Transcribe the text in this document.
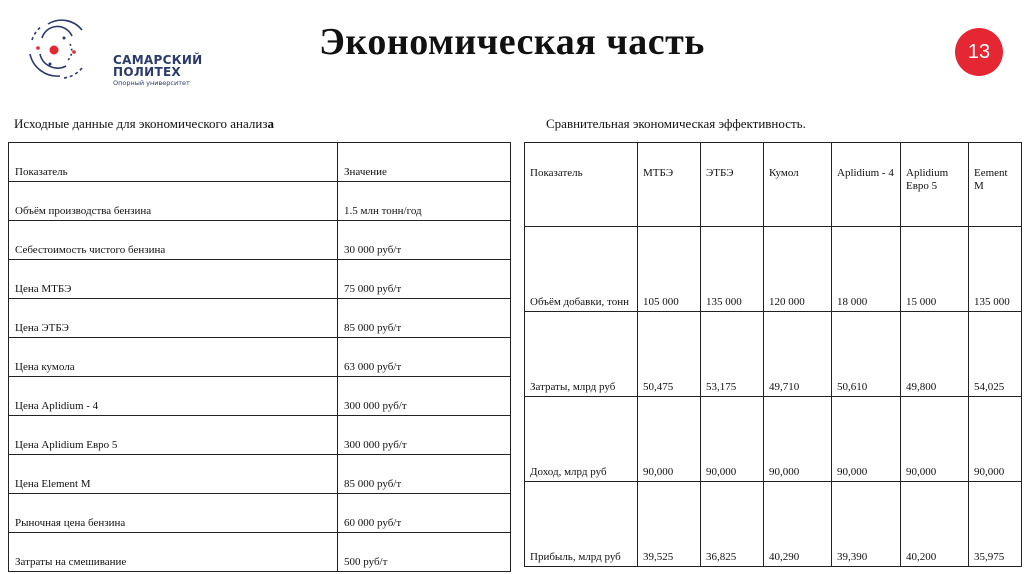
САМАРСКИЙ
ПОЛИТЕХ
Опорный университет
Экономическая часть	13
Исходные данные для экономического анализа	Сравнительная экономическая эффективность.
Показатель	Значение
Объём производства бензина	1.5 млн тонн/год
Себестоимость чистого бензина	30 000 руб/т
Цена МТБЭ	75 000 руб/т
Цена ЭТБЭ	85 000 руб/т
Цена кумола	63 000 руб/т
Цена Aplidium - 4	300 000 руб/т
Цена Aplidium Евро 5	300 000 руб/т
Цена Element M	85 000 руб/т
Рыночная цена бензина	60 000 руб/т
Затраты на смешивание	500 руб/т
Показатель	МТБЭ	ЭТБЭ	Кумол	Aplidium - 4	Aplidium Евро 5	Eement M
Объём добавки, тонн	105 000	135 000	120 000	18 000	15 000	135 000
Затраты, млрд руб	50,475	53,175	49,710	50,610	49,800	54,025
Доход, млрд руб	90,000	90,000	90,000	90,000	90,000	90,000
Прибыль, млрд руб	39,525	36,825	40,290	39,390	40,200	35,975
